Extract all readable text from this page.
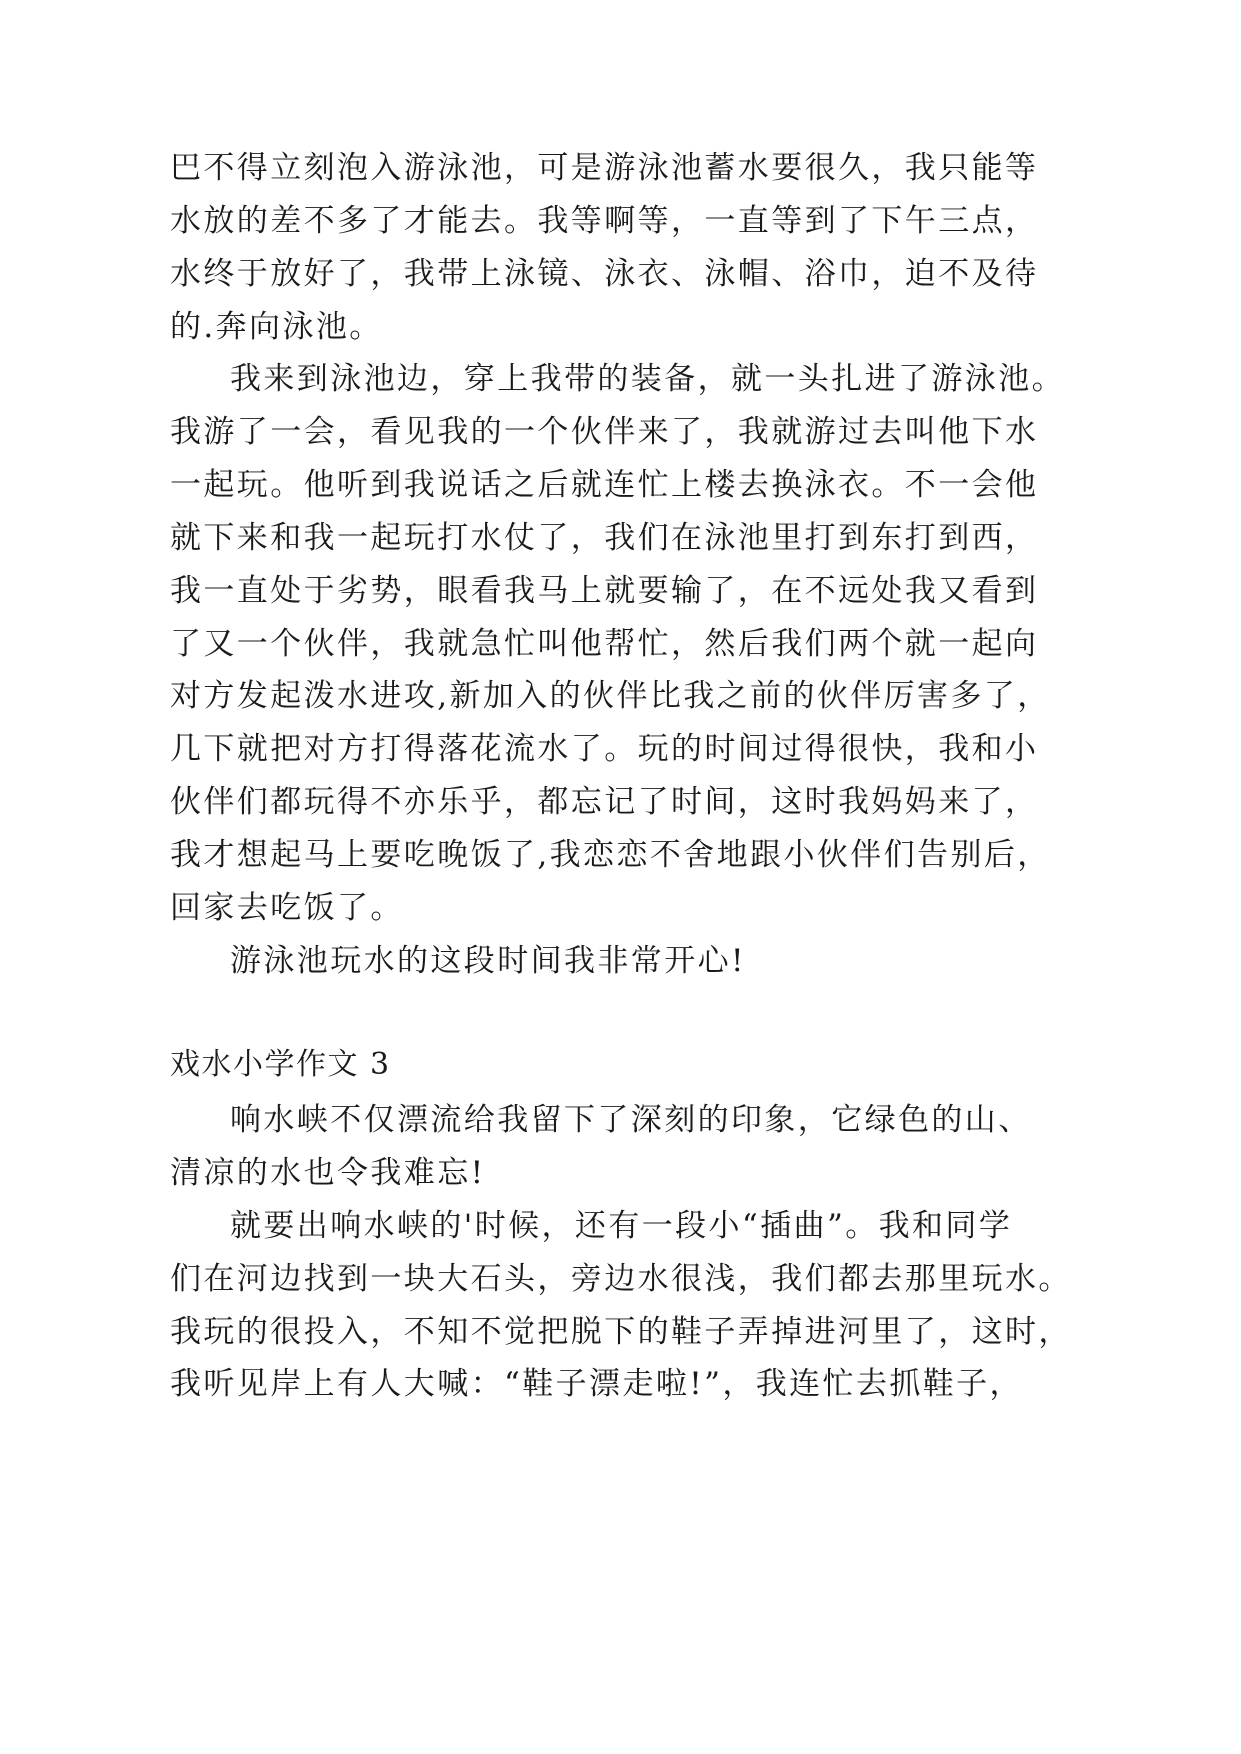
巴不得立刻泡入游泳池，可是游泳池蓄水要很久，我只能等
水放的差不多了才能去。我等啊等，一直等到了下午三点，
水终于放好了，我带上泳镜、泳衣、泳帽、浴巾，迫不及待
的.奔向泳池。
我来到泳池边，穿上我带的装备，就一头扎进了游泳池。
我游了一会，看见我的一个伙伴来了，我就游过去叫他下水
一起玩。他听到我说话之后就连忙上楼去换泳衣。不一会他
就下来和我一起玩打水仗了，我们在泳池里打到东打到西，
我一直处于劣势，眼看我马上就要输了，在不远处我又看到
了又一个伙伴，我就急忙叫他帮忙，然后我们两个就一起向
对方发起泼水进攻,新加入的伙伴比我之前的伙伴厉害多了，
几下就把对方打得落花流水了。玩的时间过得很快，我和小
伙伴们都玩得不亦乐乎，都忘记了时间，这时我妈妈来了，
我才想起马上要吃晚饭了,我恋恋不舍地跟小伙伴们告别后，
回家去吃饭了。
游泳池玩水的这段时间我非常开心!
戏水小学作文 3
响水峡不仅漂流给我留下了深刻的印象，它绿色的山、
清凉的水也令我难忘!
就要出响水峡的'时候，还有一段小“插曲”。我和同学
们在河边找到一块大石头，旁边水很浅，我们都去那里玩水。
我玩的很投入，不知不觉把脱下的鞋子弄掉进河里了，这时，
我听见岸上有人大喊：“鞋子漂走啦!”，我连忙去抓鞋子，
